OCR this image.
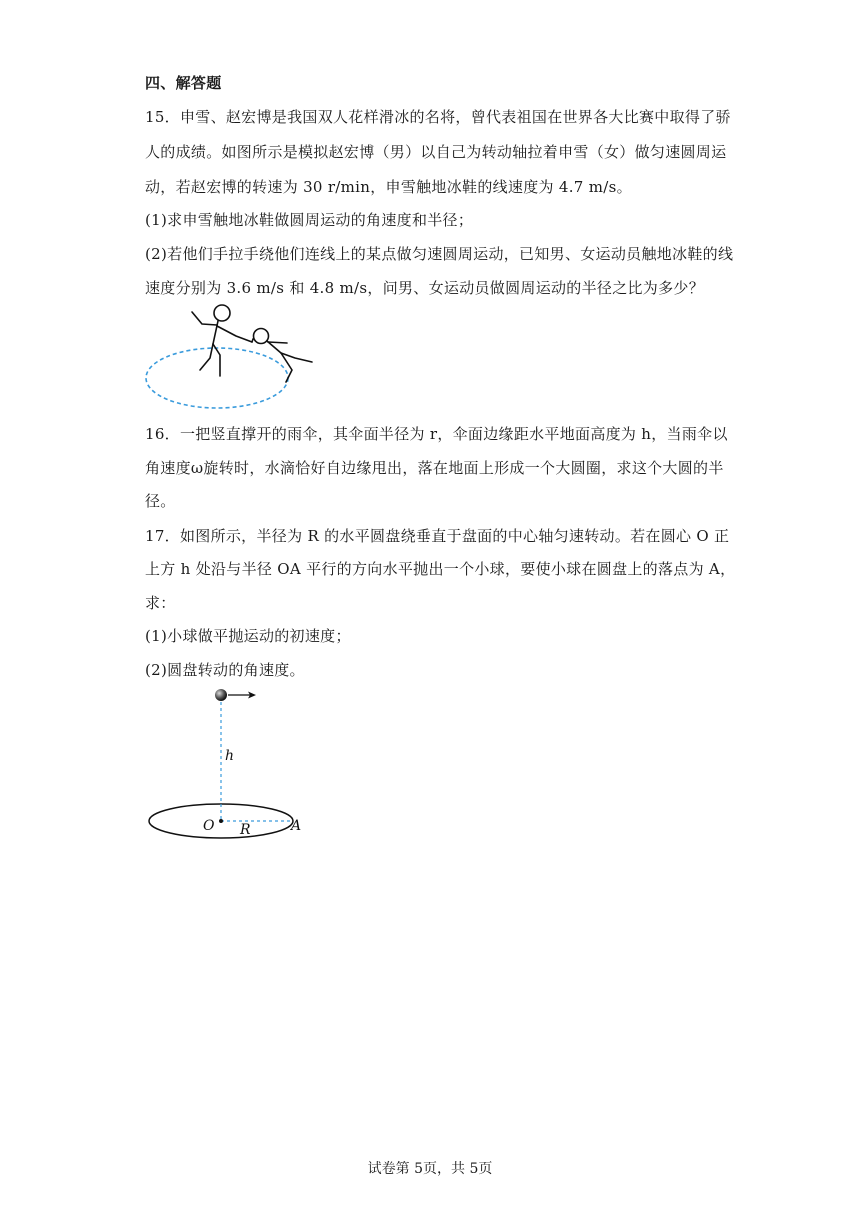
四、解答题
15．申雪、赵宏博是我国双人花样滑冰的名将，曾代表祖国在世界各大比赛中取得了骄
人的成绩。如图所示是模拟赵宏博（男）以自己为转动轴拉着申雪（女）做匀速圆周运
动，若赵宏博的转速为 30 r/min，申雪触地冰鞋的线速度为 4.7 m/s。
(1)求申雪触地冰鞋做圆周运动的角速度和半径；
(2)若他们手拉手绕他们连线上的某点做匀速圆周运动，已知男、女运动员触地冰鞋的线
速度分别为 3.6 m/s 和 4.8 m/s，问男、女运动员做圆周运动的半径之比为多少？
16．一把竖直撑开的雨伞，其伞面半径为 r，伞面边缘距水平地面高度为 h，当雨伞以
角速度ω旋转时，水滴恰好自边缘甩出，落在地面上形成一个大圆圈，求这个大圆的半
径。
17．如图所示，半径为 R 的水平圆盘绕垂直于盘面的中心轴匀速转动。若在圆心 O 正
上方 h 处沿与半径 OA 平行的方向水平抛出一个小球，要使小球在圆盘上的落点为 A，
求：
(1)小球做平抛运动的初速度；
(2)圆盘转动的角速度。
h
O R	A
试卷第 5页，共 5页
